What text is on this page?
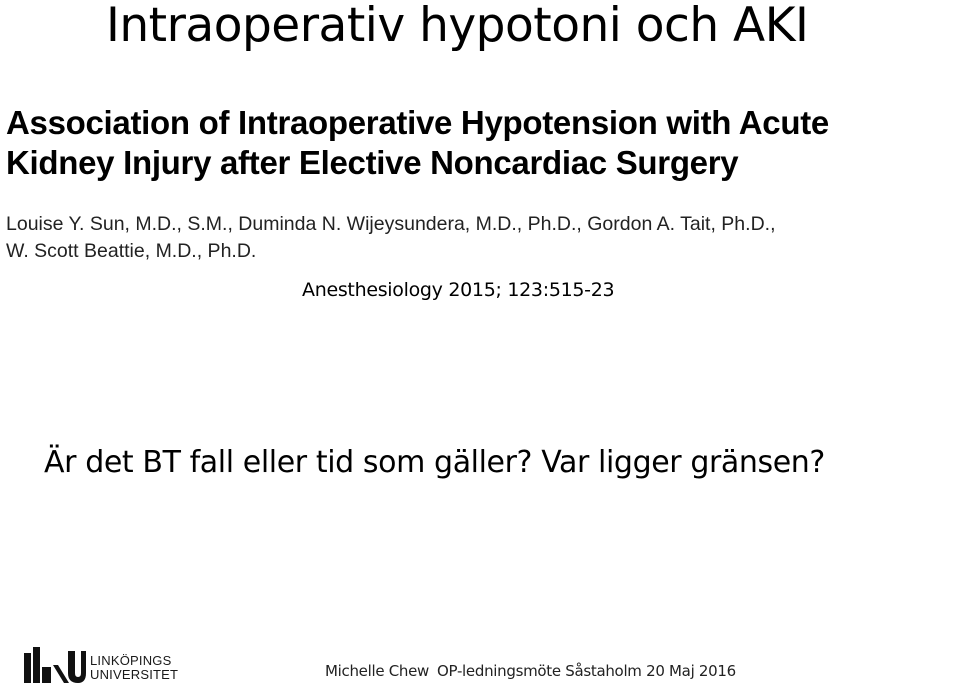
Intraoperativ hypotoni och AKI
Association of Intraoperative Hypotension with Acute
Kidney Injury after Elective Noncardiac Surgery
Louise Y. Sun, M.D., S.M., Duminda N. Wijeysundera, M.D., Ph.D., Gordon A. Tait, Ph.D.,
W. Scott Beattie, M.D., Ph.D.

Anesthesiology 2015; 123:515-23

Är det BT fall eller tid som gäller? Var ligger gränsen?

LINKÖPINGS
UNIVERSITET	Michelle Chew OP-ledningsmöte Såstaholm 20 Maj 2016
